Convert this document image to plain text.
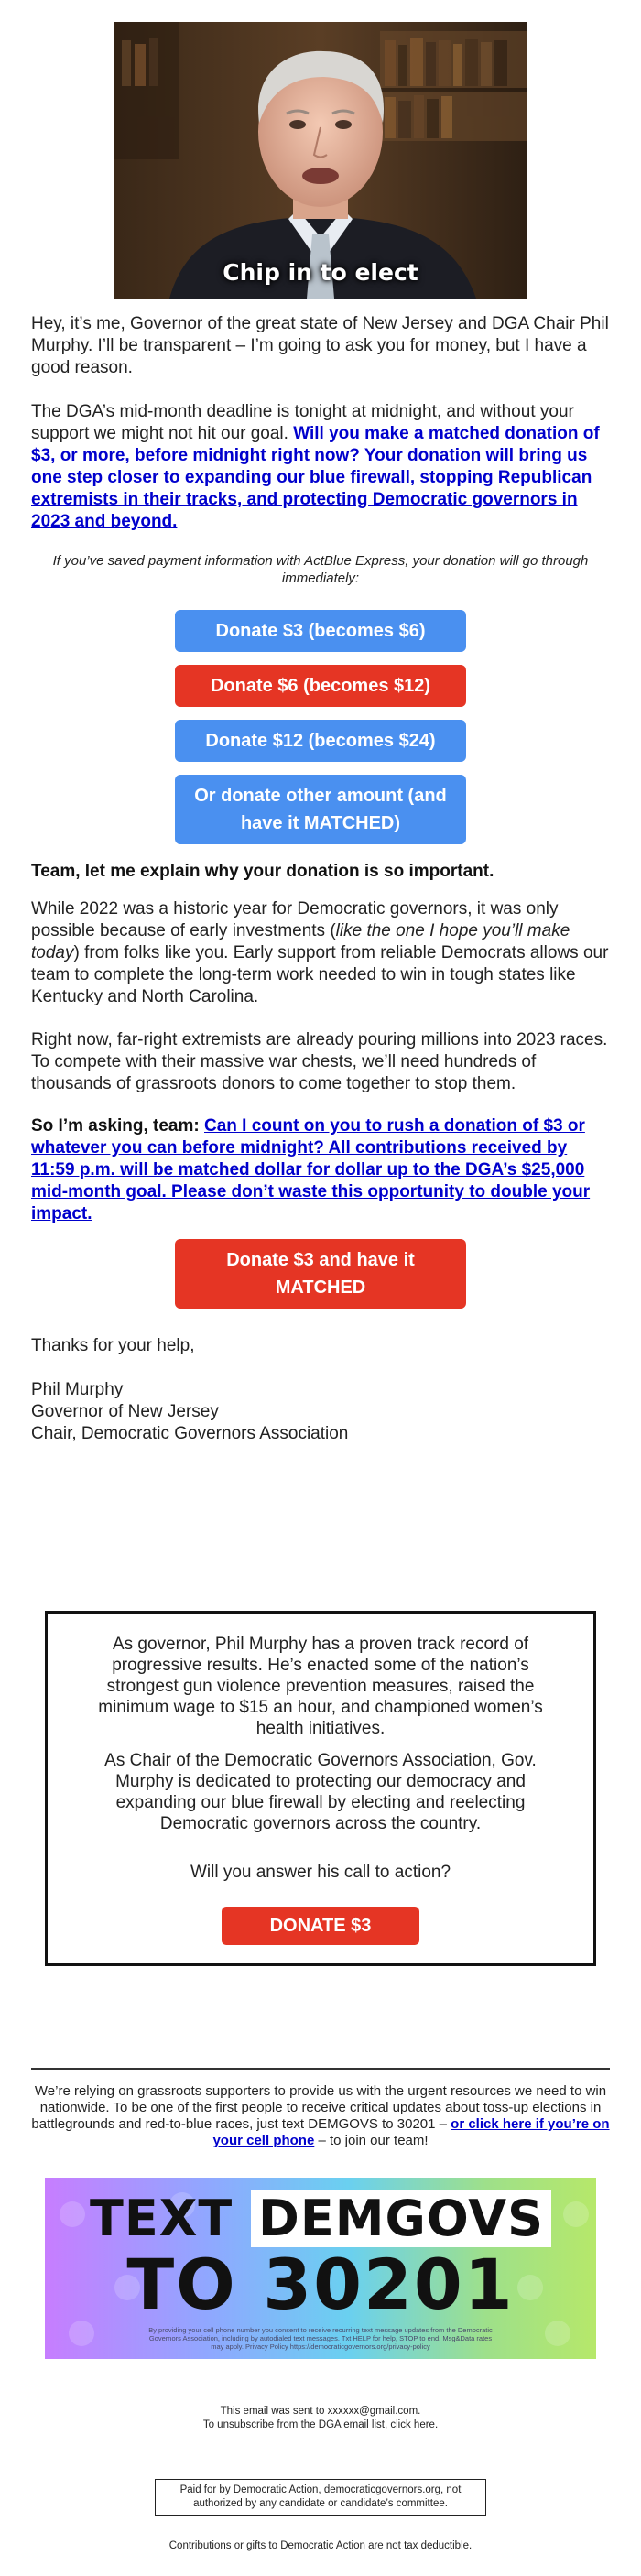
Chip in to elect
Hey, it’s me, Governor of the great state of New Jersey and DGA Chair Phil Murphy. I’ll be transparent – I’m going to ask you for money, but I have a good reason.
The DGA’s mid-month deadline is tonight at midnight, and without your support we might not hit our goal. Will you make a matched donation of $3, or more, before midnight right now? Your donation will bring us one step closer to expanding our blue firewall, stopping Republican extremists in their tracks, and protecting Democratic governors in 2023 and beyond.
If you’ve saved payment information with ActBlue Express, your donation will go through immediately:
Donate $3 (becomes $6)
Donate $6 (becomes $12)
Donate $12 (becomes $24)
Or donate other amount (and have it MATCHED)
Team, let me explain why your donation is so important.
While 2022 was a historic year for Democratic governors, it was only possible because of early investments (like the one I hope you’ll make today) from folks like you. Early support from reliable Democrats allows our team to complete the long-term work needed to win in tough states like Kentucky and North Carolina.
Right now, far-right extremists are already pouring millions into 2023 races. To compete with their massive war chests, we’ll need hundreds of thousands of grassroots donors to come together to stop them.
So I’m asking, team: Can I count on you to rush a donation of $3 or whatever you can before midnight? All contributions received by 11:59 p.m. will be matched dollar for dollar up to the DGA’s $25,000 mid-month goal. Please don’t waste this opportunity to double your impact.
Donate $3 and have it MATCHED
Thanks for your help,
Phil Murphy
Governor of New Jersey
Chair, Democratic Governors Association
As governor, Phil Murphy has a proven track record of progressive results. He’s enacted some of the nation’s strongest gun violence prevention measures, raised the minimum wage to $15 an hour, and championed women’s health initiatives.
As Chair of the Democratic Governors Association, Gov. Murphy is dedicated to protecting our democracy and expanding our blue firewall by electing and reelecting Democratic governors across the country.
Will you answer his call to action?
DONATE $3
We’re relying on grassroots supporters to provide us with the urgent resources we need to win nationwide. To be one of the first people to receive critical updates about toss-up elections in battlegrounds and red-to-blue races, just text DEMGOVS to 30201 – or click here if you’re on your cell phone – to join our team!
TEXT DEMGOVS
TO 30201
By providing your cell phone number you consent to receive recurring text message updates from the Democratic Governors Association, including by autodialed text messages. Txt HELP for help, STOP to end. Msg&Data rates may apply. Privacy Policy https://democraticgovernors.org/privacy-policy
This email was sent to xxxxxx@gmail.com.
To unsubscribe from the DGA email list, click here.
Paid for by Democratic Action, democraticgovernors.org, not authorized by any candidate or candidate’s committee.
Contributions or gifts to Democratic Action are not tax deductible.
